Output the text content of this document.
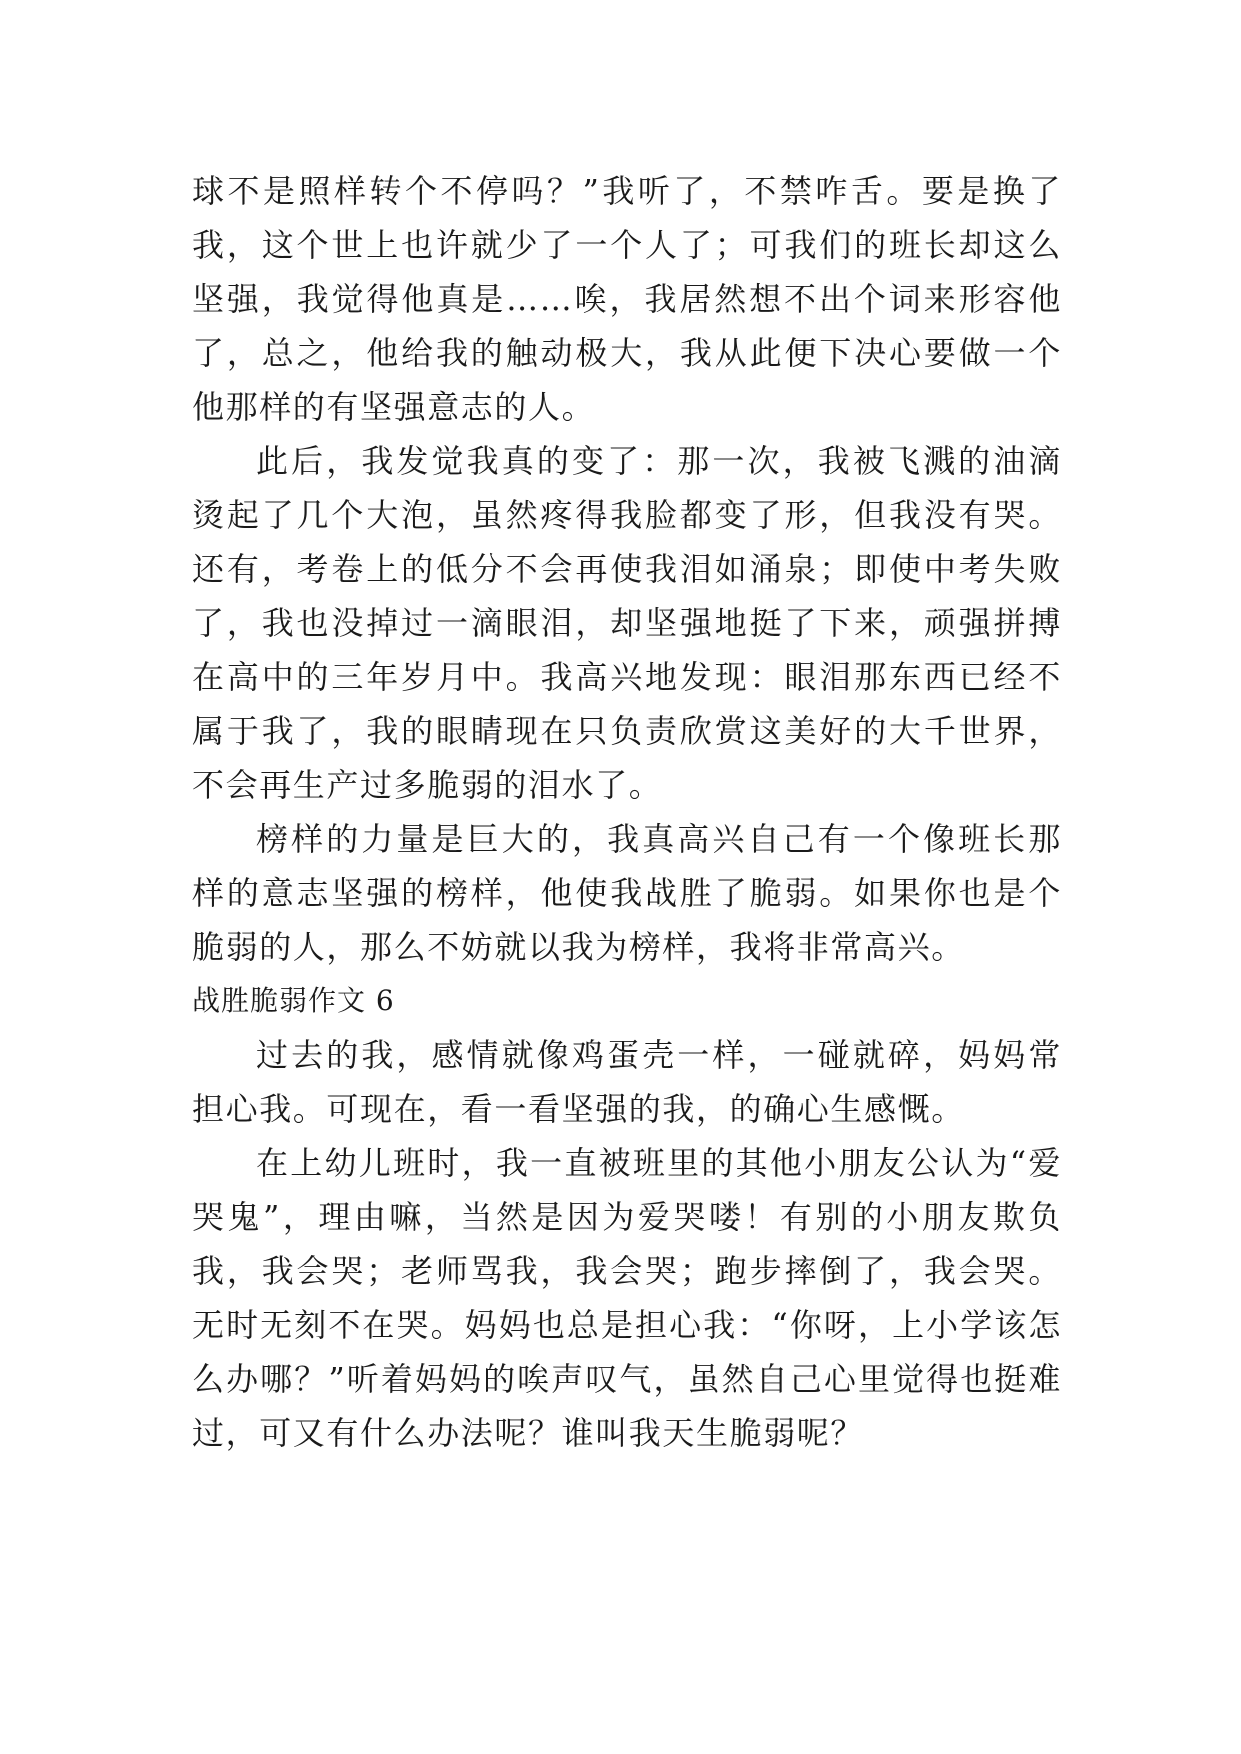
球不是照样转个不停吗？”我听了，不禁咋舌。要是换了我，这个世上也许就少了一个人了；可我们的班长却这么坚强，我觉得他真是……唉，我居然想不出个词来形容他了，总之，他给我的触动极大，我从此便下决心要做一个他那样的有坚强意志的人。

此后，我发觉我真的变了：那一次，我被飞溅的油滴烫起了几个大泡，虽然疼得我脸都变了形，但我没有哭。还有，考卷上的低分不会再使我泪如涌泉；即使中考失败了，我也没掉过一滴眼泪，却坚强地挺了下来，顽强拼搏在高中的三年岁月中。我高兴地发现：眼泪那东西已经不属于我了，我的眼睛现在只负责欣赏这美好的大千世界，不会再生产过多脆弱的泪水了。

榜样的力量是巨大的，我真高兴自己有一个像班长那样的意志坚强的榜样，他使我战胜了脆弱。如果你也是个脆弱的人，那么不妨就以我为榜样，我将非常高兴。

战胜脆弱作文 6

过去的我，感情就像鸡蛋壳一样，一碰就碎，妈妈常担心我。可现在，看一看坚强的我，的确心生感慨。

在上幼儿班时，我一直被班里的其他小朋友公认为“爱哭鬼”，理由嘛，当然是因为爱哭喽！有别的小朋友欺负我，我会哭；老师骂我，我会哭；跑步摔倒了，我会哭。无时无刻不在哭。妈妈也总是担心我：“你呀，上小学该怎么办哪？”听着妈妈的唉声叹气，虽然自己心里觉得也挺难过，可又有什么办法呢？谁叫我天生脆弱呢？
